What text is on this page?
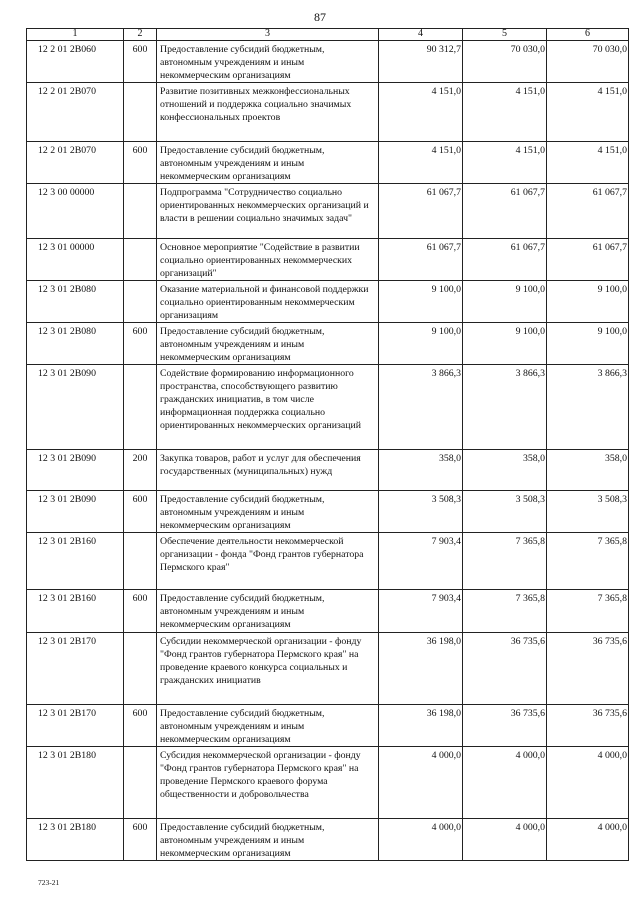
87
1	2	3	4	5	6
12 2 01 2В060	600	Предоставление субсидий бюджетным, автономным учреждениям и иным некоммерческим организациям	90 312,7	70 030,0	70 030,0
12 2 01 2В070		Развитие позитивных межконфессиональных отношений и поддержка социально значимых конфессиональных проектов	4 151,0	4 151,0	4 151,0
12 2 01 2В070	600	Предоставление субсидий бюджетным, автономным учреждениям и иным некоммерческим организациям	4 151,0	4 151,0	4 151,0
12 3 00 00000		Подпрограмма "Сотрудничество социально ориентированных некоммерческих организаций и власти в решении социально значимых задач"	61 067,7	61 067,7	61 067,7
12 3 01 00000		Основное мероприятие "Содействие в развитии социально ориентированных некоммерческих организаций"	61 067,7	61 067,7	61 067,7
12 3 01 2В080		Оказание материальной и финансовой поддержки социально ориентированным некоммерческим организациям	9 100,0	9 100,0	9 100,0
12 3 01 2В080	600	Предоставление субсидий бюджетным, автономным учреждениям и иным некоммерческим организациям	9 100,0	9 100,0	9 100,0
12 3 01 2В090		Содействие формированию информационного пространства, способствующего развитию гражданских инициатив, в том числе информационная поддержка социально ориентированных некоммерческих организаций	3 866,3	3 866,3	3 866,3
12 3 01 2В090	200	Закупка товаров, работ и услуг для обеспечения государственных (муниципальных) нужд	358,0	358,0	358,0
12 3 01 2В090	600	Предоставление субсидий бюджетным, автономным учреждениям и иным некоммерческим организациям	3 508,3	3 508,3	3 508,3
12 3 01 2В160		Обеспечение деятельности некоммерческой организации - фонда "Фонд грантов губернатора Пермского края"	7 903,4	7 365,8	7 365,8
12 3 01 2В160	600	Предоставление субсидий бюджетным, автономным учреждениям и иным некоммерческим организациям	7 903,4	7 365,8	7 365,8
12 3 01 2В170		Субсидии некоммерческой организации - фонду "Фонд грантов губернатора Пермского края" на проведение краевого конкурса социальных и гражданских инициатив	36 198,0	36 735,6	36 735,6
12 3 01 2В170	600	Предоставление субсидий бюджетным, автономным учреждениям и иным некоммерческим организациям	36 198,0	36 735,6	36 735,6
12 3 01 2В180		Субсидия некоммерческой организации - фонду "Фонд грантов губернатора Пермского края" на проведение Пермского краевого форума общественности и добровольчества	4 000,0	4 000,0	4 000,0
12 3 01 2В180	600	Предоставление субсидий бюджетным, автономным учреждениям и иным некоммерческим организациям	4 000,0	4 000,0	4 000,0
723-21
